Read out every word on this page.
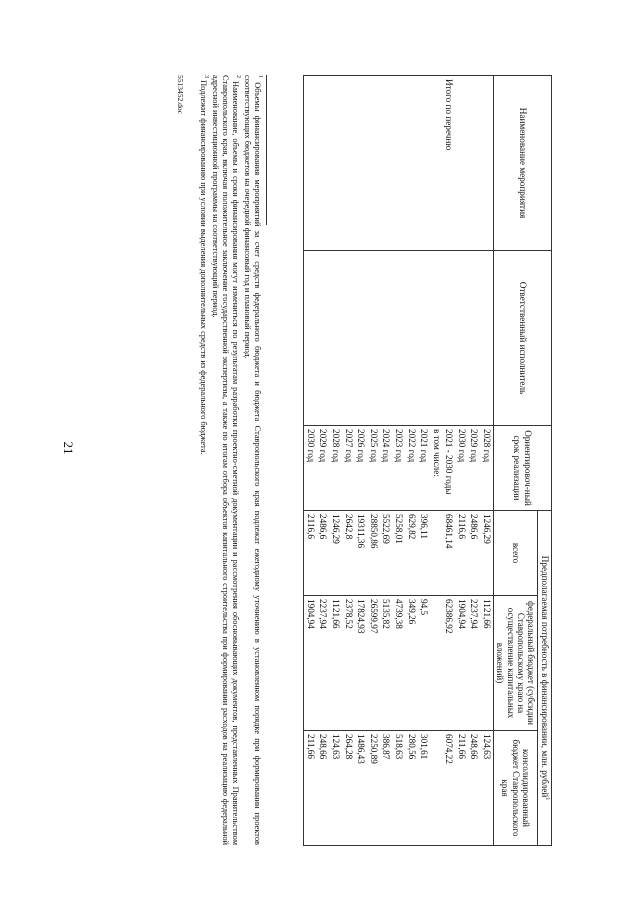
21
Наименование мероприятия	Ответственный исполнитель	Ориентировоч-ный срок реализации	Предполагаемая потребность в финансировании, млн. рублей$^1$
			всего	федеральный бюджет (субсидии Ставропольскому краю на осуществление капитальных вложений)	консолидированный бюджет Ставропольского края
		2028 год	1246,29	1121,66	124,63
		2029 год	2486,6	2237,94	248,66
		2030 год	2116,6	1904,94	211,66
Итого по перечню		2021 - 2030 годы	68461,14	62386,92	6074,22
		в том числе:			
		2021 год	396,11	94,5	301,61
		2022 год	629,82	349,26	280,56
		2023 год	5258,01	4739,38	518,63
		2024 год	5522,69	5135,82	386,87
		2025 год	28850,86	26599,97	2250,89
		2026 год	19311,36	17824,93	1486,43
		2027 год	2642,8	2378,52	264,28
		2028 год	1246,29	1121,66	124,63
		2029 год	2486,6	2237,94	248,66
		2030 год	2116,6	1904,94	211,66

$^1$ Объемы финансирования мероприятий за счет средств федерального бюджета и бюджета Ставропольского края подлежат ежегодному уточнению в установленном порядке при формировании проектов соответствующих бюджетов на очередной финансовый год и плановый период.

$^2$ Наименование, объемы и сроки финансирования могут измениться по результатам разработки проектно-сметной документации и рассмотрения обосновывающих документов, представленных Правительством Ставропольского края, включая положительное заключение государственной экспертизы, а также по итогам отбора объектов капитального строительства при формировании расходов на реализацию федеральной адресной инвестиционной программы на соответствующий период.

$^3$ Подлежит финансированию при условии выделения дополнительных средств из федерального бюджета.

5513452.doc
